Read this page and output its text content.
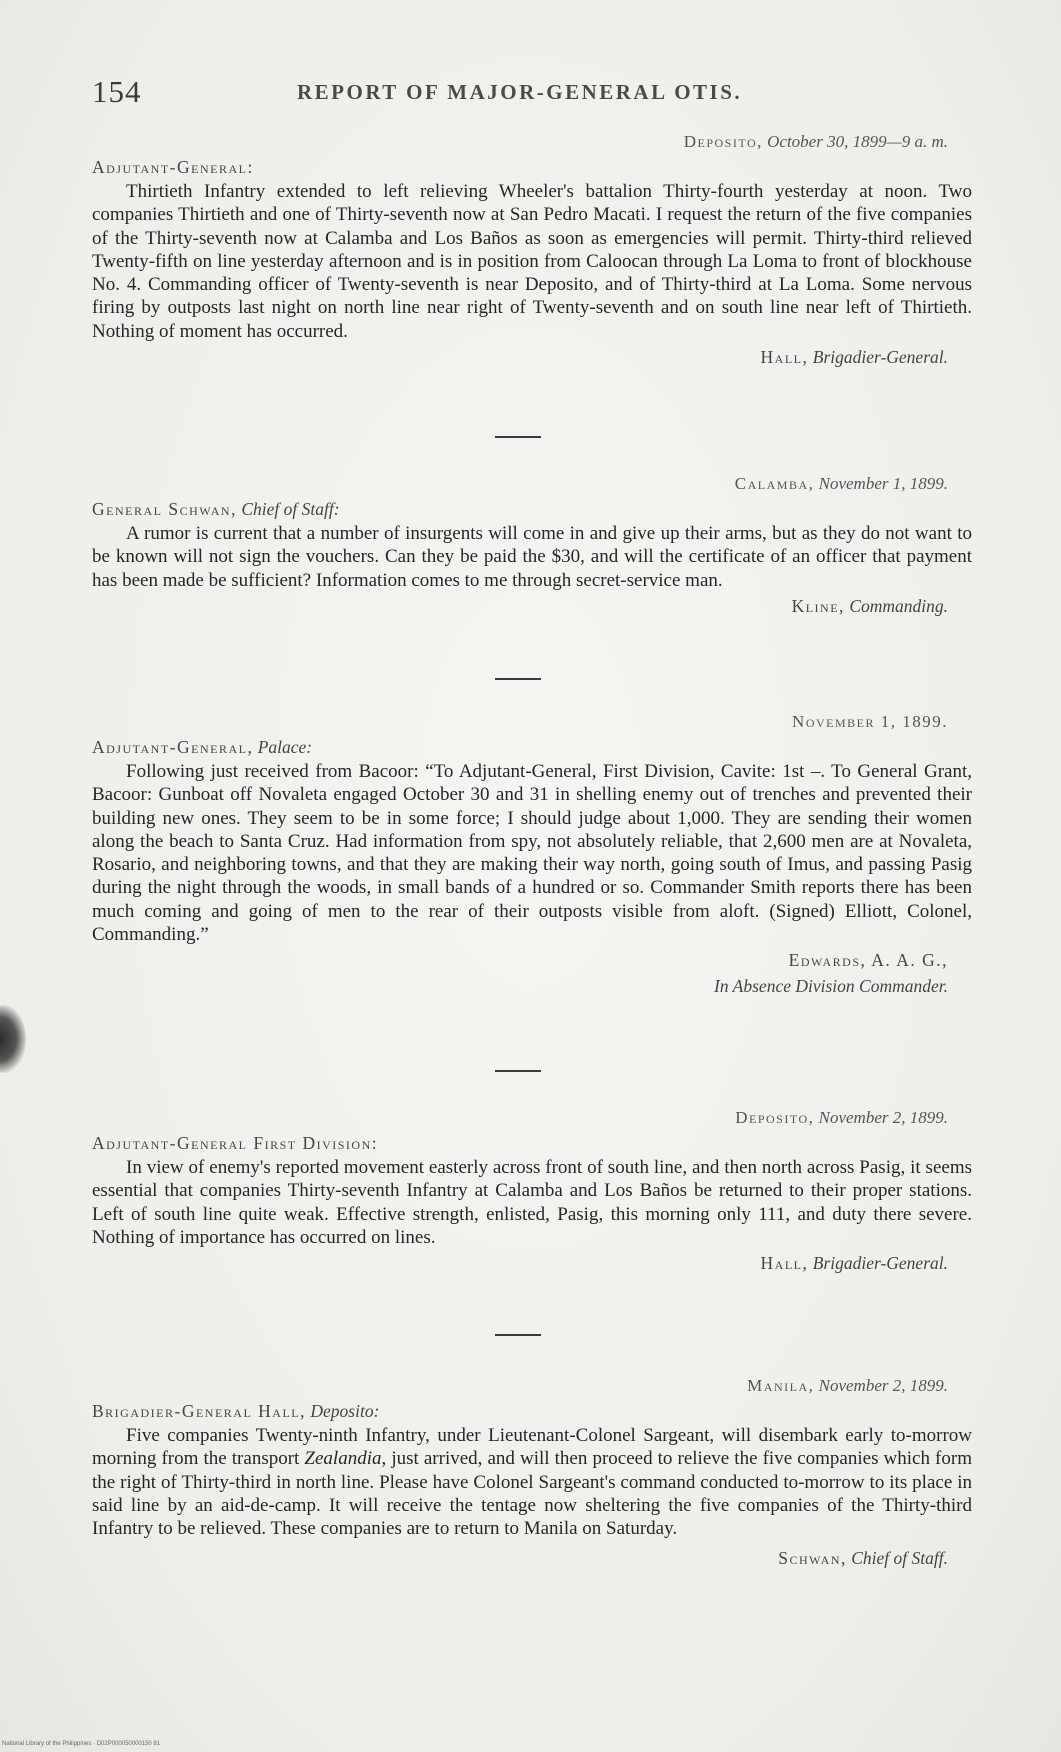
154	REPORT OF MAJOR-GENERAL OTIS.
Deposito, October 30, 1899—9 a. m.
Adjutant-General:
Thirtieth Infantry extended to left relieving Wheeler's battalion Thirty-fourth yesterday at noon. Two companies Thirtieth and one of Thirty-seventh now at San Pedro Macati. I request the return of the five companies of the Thirty-seventh now at Calamba and Los Baños as soon as emergencies will permit. Thirty-third relieved Twenty-fifth on line yesterday afternoon and is in position from Caloocan through La Loma to front of blockhouse No. 4. Commanding officer of Twenty-seventh is near Deposito, and of Thirty-third at La Loma. Some nervous firing by outposts last night on north line near right of Twenty-seventh and on south line near left of Thirtieth. Nothing of moment has occurred.
Hall, Brigadier-General.
Calamba, November 1, 1899.
General Schwan, Chief of Staff:
A rumor is current that a number of insurgents will come in and give up their arms, but as they do not want to be known will not sign the vouchers. Can they be paid the $30, and will the certificate of an officer that payment has been made be sufficient? Information comes to me through secret-service man.
Kline, Commanding.
November 1, 1899.
Adjutant-General, Palace:
Following just received from Bacoor: “To Adjutant-General, First Division, Cavite: 1st –. To General Grant, Bacoor: Gunboat off Novaleta engaged October 30 and 31 in shelling enemy out of trenches and prevented their building new ones. They seem to be in some force; I should judge about 1,000. They are sending their women along the beach to Santa Cruz. Had information from spy, not absolutely reliable, that 2,600 men are at Novaleta, Rosario, and neighboring towns, and that they are making their way north, going south of Imus, and passing Pasig during the night through the woods, in small bands of a hundred or so. Commander Smith reports there has been much coming and going of men to the rear of their outposts visible from aloft. (Signed) Elliott, Colonel, Commanding.”
Edwards, A. A. G.,
In Absence Division Commander.
Deposito, November 2, 1899.
Adjutant-General First Division:
In view of enemy's reported movement easterly across front of south line, and then north across Pasig, it seems essential that companies Thirty-seventh Infantry at Calamba and Los Baños be returned to their proper stations. Left of south line quite weak. Effective strength, enlisted, Pasig, this morning only 111, and duty there severe. Nothing of importance has occurred on lines.
Hall, Brigadier-General.
Manila, November 2, 1899.
Brigadier-General Hall, Deposito:
Five companies Twenty-ninth Infantry, under Lieutenant-Colonel Sargeant, will disembark early to-morrow morning from the transport Zealandia, just arrived, and will then proceed to relieve the five companies which form the right of Thirty-third in north line. Please have Colonel Sargeant's command conducted to-morrow to its place in said line by an aid-de-camp. It will receive the tentage now sheltering the five companies of the Thirty-third Infantry to be relieved. These companies are to return to Manila on Saturday.
Schwan, Chief of Staff.
National Library of the Philippines · D02P000050000150 81
